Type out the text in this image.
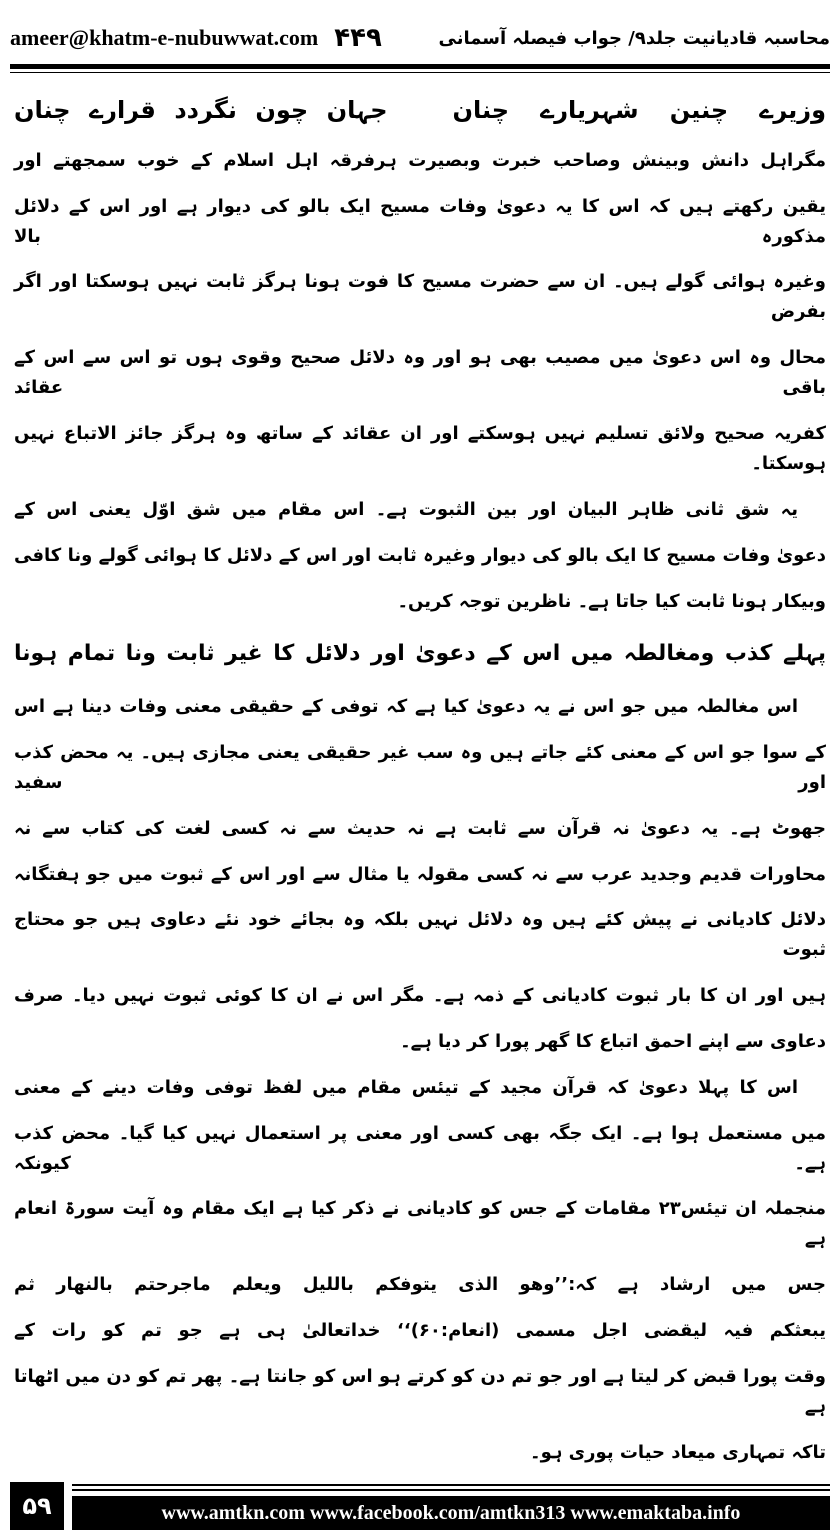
ameer@khatm-e-nubuwwat.com ۴۴۹	محاسبہ قادیانیت جلد۹/ جواب فیصلہ آسمانی
وزیرے چنین شہریارے چنان
جہان چون نگردد قرارے چنان
مگراہل دانش وبینش وصاحب خبرت وبصیرت ہرفرقہ اہل اسلام کے خوب سمجھتے اور
یقین رکھتے ہیں کہ اس کا یہ دعویٰ وفات مسیح ایک بالو کی دیوار ہے اور اس کے دلائل مذکورہ بالا
وغیرہ ہوائی گولے ہیں۔ ان سے حضرت مسیح کا فوت ہونا ہرگز ثابت نہیں ہوسکتا اور اگر بفرض
محال وہ اس دعویٰ میں مصیب بھی ہو اور وہ دلائل صحیح وقوی ہوں تو اس سے اس کے باقی عقائد
کفریہ صحیح ولائق تسلیم نہیں ہوسکتے اور ان عقائد کے ساتھ وہ ہرگز جائز الاتباع نہیں ہوسکتا۔
یہ شق ثانی ظاہر البیان اور بین الثبوت ہے۔ اس مقام میں شق اوّل یعنی اس کے
دعویٰ وفات مسیح کا ایک بالو کی دیوار وغیرہ ثابت اور اس کے دلائل کا ہوائی گولے ونا کافی
وبیکار ہونا ثابت کیا جاتا ہے۔ ناظرین توجہ کریں۔
پہلے کذب ومغالطہ میں اس کے دعویٰ اور دلائل کا غیر ثابت ونا تمام ہونا
اس مغالطہ میں جو اس نے یہ دعویٰ کیا ہے کہ توفی کے حقیقی معنی وفات دینا ہے اس
کے سوا جو اس کے معنی کئے جاتے ہیں وہ سب غیر حقیقی یعنی مجازی ہیں۔ یہ محض کذب اور سفید
جھوٹ ہے۔ یہ دعویٰ نہ قرآن سے ثابت ہے نہ حدیث سے نہ کسی لغت کی کتاب سے نہ
محاورات قدیم وجدید عرب سے نہ کسی مقولہ یا مثال سے اور اس کے ثبوت میں جو ہفتگانہ
دلائل کادیانی نے پیش کئے ہیں وہ دلائل نہیں بلکہ وہ بجائے خود نئے دعاوی ہیں جو محتاج ثبوت
ہیں اور ان کا بار ثبوت کادیانی کے ذمہ ہے۔ مگر اس نے ان کا کوئی ثبوت نہیں دیا۔ صرف
دعاوی سے اپنے احمق اتباع کا گھر پورا کر دیا ہے۔
اس کا پہلا دعویٰ کہ قرآن مجید کے تیئس مقام میں لفظ توفی وفات دینے کے معنی
میں مستعمل ہوا ہے۔ ایک جگہ بھی کسی اور معنی پر استعمال نہیں کیا گیا۔ محض کذب ہے۔ کیونکہ
منجملہ ان تیئس۲۳ مقامات کے جس کو کادیانی نے ذکر کیا ہے ایک مقام وہ آیت سورۃ انعام ہے
جس میں ارشاد ہے کہ:’’وھو الذی یتوفکم باللیل ویعلم ماجرحتم بالنھار ثم
یبعثکم فیہ لیقضی اجل مسمی (انعام:۶۰)‘‘ خداتعالیٰ ہی ہے جو تم کو رات کے
وقت پورا قبض کر لیتا ہے اور جو تم دن کو کرتے ہو اس کو جانتا ہے۔ پھر تم کو دن میں اٹھاتا ہے
تاکہ تمہاری میعاد حیات پوری ہو۔
۵۹	www.amtkn.com www.facebook.com/amtkn313 www.emaktaba.info
